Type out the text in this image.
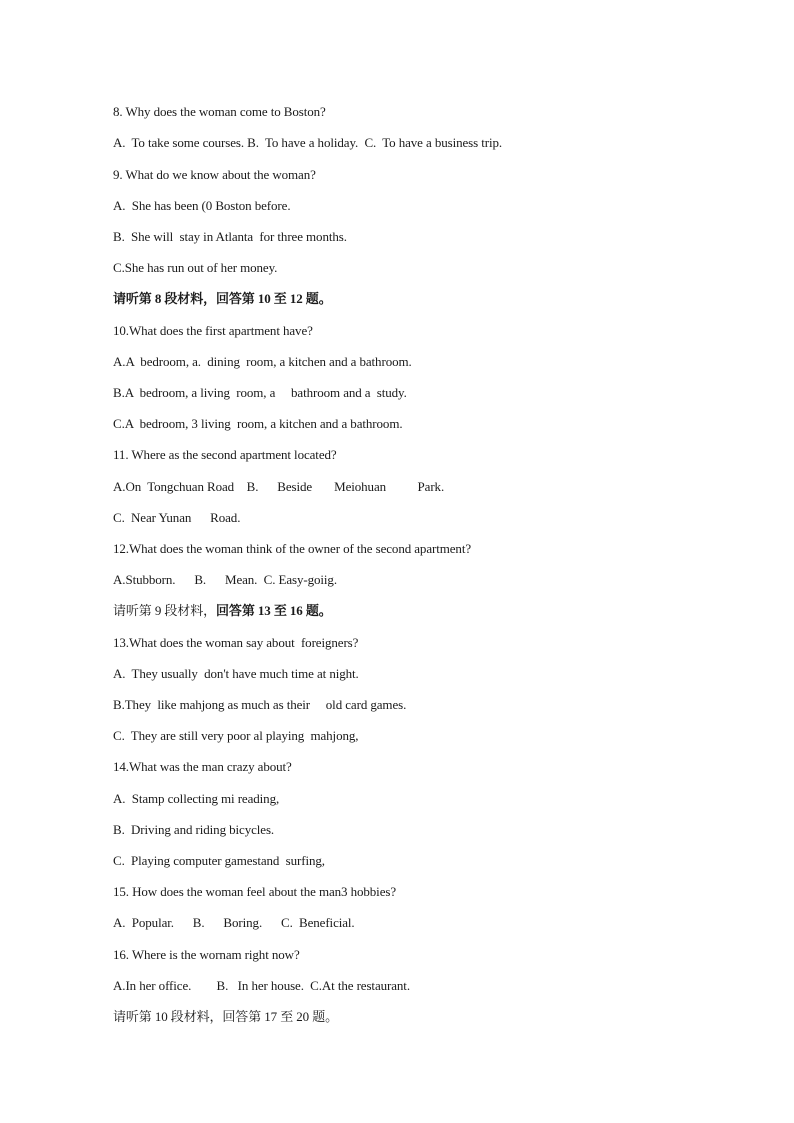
8. Why does the woman come to Boston?
A.  To take some courses. B.  To have a holiday.  C.  To have a business trip.
9. What do we know about the woman?
A.  She has been (0 Boston before.
B.  She will  stay in Atlanta  for three months.
C.She has run out of her money.
请听第 8 段材料，回答第 10 至 12 题。
10.What does the first apartment have?
A.A  bedroom, a.  dining  room, a kitchen and a bathroom.
B.A  bedroom, a living  room, a     bathroom and a  study.
C.A  bedroom, 3 living  room, a kitchen and a bathroom.
11. Where as the second apartment located?
A.On  Tongchuan Road    B.      Beside       Meiohuan          Park.
C.  Near Yunan      Road.
12.What does the woman think of the owner of the second apartment?
A.Stubborn.      B.      Mean.  C. Easy-goiig.
请听第 9 段材料，回答第 13 至 16 题。
13.What does the woman say about  foreigners?
A.  They usually  don't have much time at night.
B.They  like mahjong as much as their     old card games.
C.  They are still very poor al playing  mahjong,
14.What was the man crazy about?
A.  Stamp collecting mi reading,
B.  Driving and riding bicycles.
C.  Playing computer gamestand  surfing,
15. How does the woman feel about the man3 hobbies?
A.  Popular.      B.      Boring.      C.  Beneficial.
16. Where is the wornam right now?
A.In her office.        B.   In her house.  C.At the restaurant.
请听第 10 段材料，回答第 17 至 20 题。
